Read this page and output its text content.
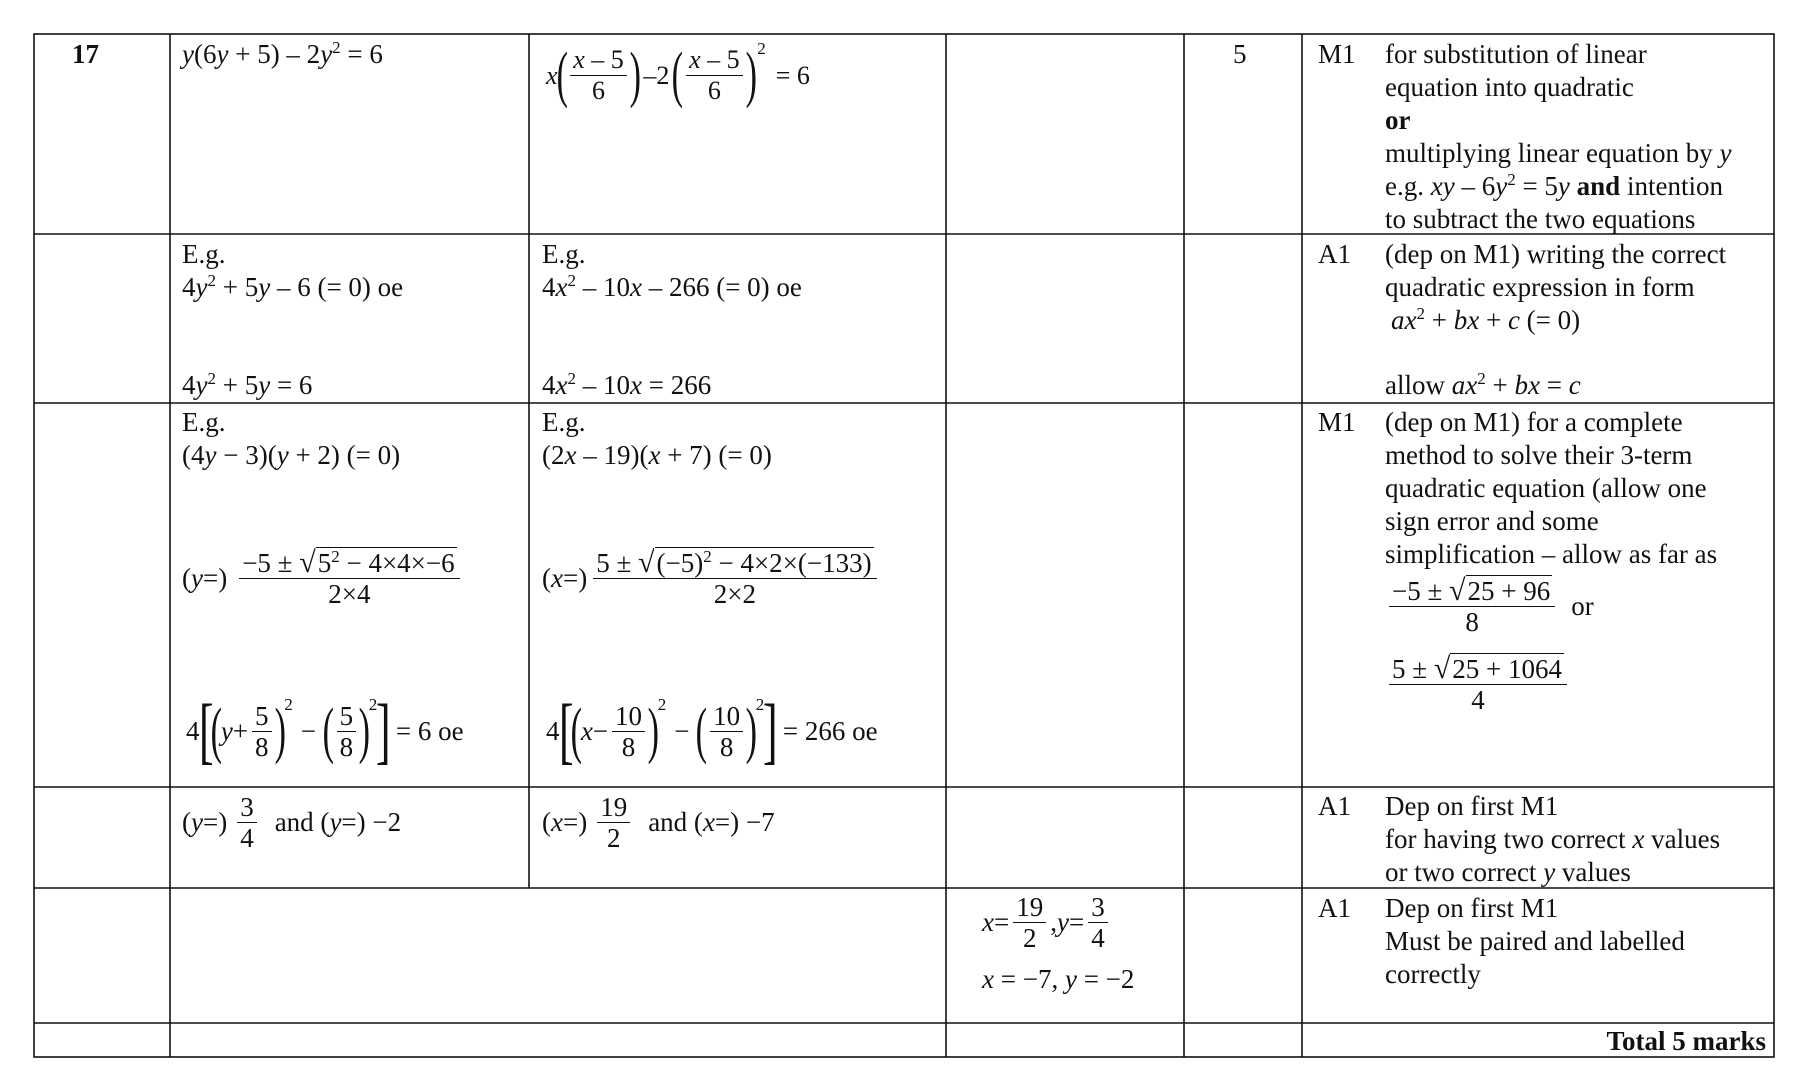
17	5
$y(6y + 5) - 2y^2 = 6$
x
( $\frac{x - 5}{6}$ ) –2 ( $\frac{x - 5}{6} )^2$
= 6
M1 for substitution of linear
equation into quadratic
or
multiplying linear equation by y
e.g. xy – $6y^2 = 5y$ and intention
to subtract the two equations
E.g.
$4y^2 + 5y - 6$ (= 0) oe
$4y^2 + 5y = 6$
E.g.
$4x^2 - 10x - 266$ (= 0) oe
$4x^2 - 10x = 266$
A1 (dep on M1) writing the correct
quadratic expression in form
$ax^2$ + bx + c (= 0)
allow $ax^2$ + bx = c
E.g.
(4y − 3)(y + 2) (= 0)
( y =) $\frac{-5 \pm √5^2 - 4\times 4\times-6}{2\times 4}$
4
[
(
$y + \frac{5}{8}$ )
$^2$
− ( $\frac{5}{8}$ )
$^2$
] = 6 oe
E.g.
(2x – 19)(x + 7) (= 0)
( x =) $\frac{5 \pm √(-5)^2 - 4\times 2\times(-133)}{2\times 2}$
4
[
(
$x - \frac{10}{8}$ )
$^2$
− ( $\frac{10}{8}$ )
$^2$
] = 266 oe
M1 (dep on M1) for a complete
method to solve their 3-term
quadratic equation (allow one
sign error and some
simplification – allow as far as
$\frac{-5 \pm √25 + 96}{8}$ or
$\frac{5 \pm √25 + 1064}{4}$
( y =) $\frac{3}{4}$ and ( y =) −2	( x =) $\frac{19}{2}$ and ( x =) −7
A1 Dep on first M1
for having two correct x values
or two correct y values
$x = \frac{19}{2}$ , $y = \frac{3}{4}$
x = −7, y = −2
A1 Dep on first M1
Must be paired and labelled
correctly
Total 5 marks
